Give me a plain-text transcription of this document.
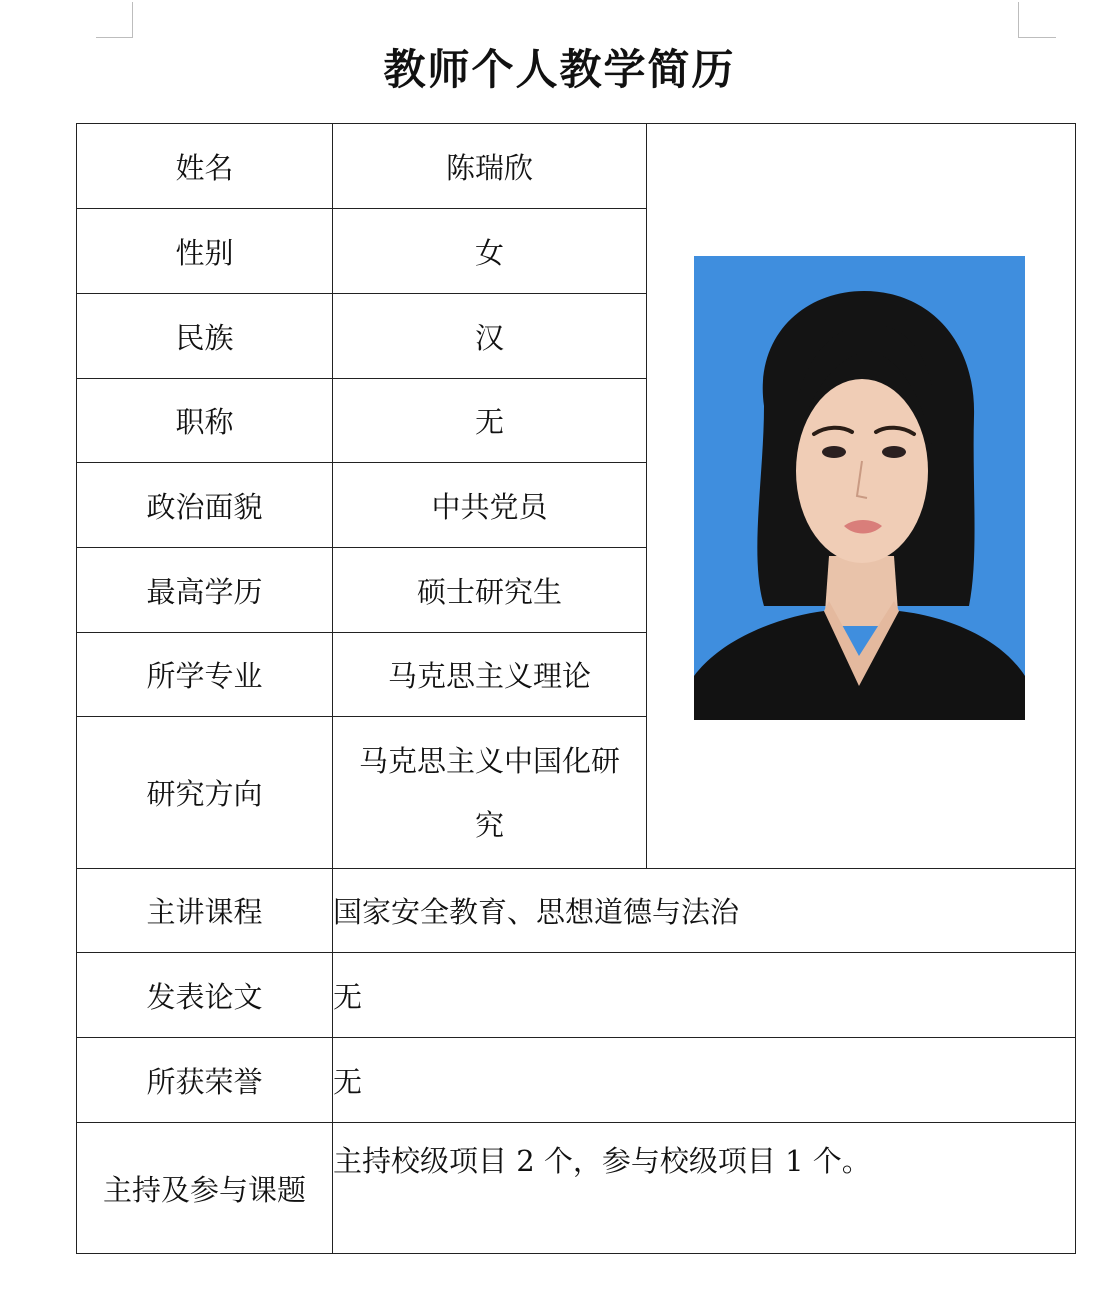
教师个人教学简历
姓名	陈瑞欣	

性别	女	
民族	汉	
职称	无	
政治面貌	中共党员	
最高学历	硕士研究生	
所学专业	马克思主义理论	
研究方向	马克思主义中国化研
究	

主讲课程	国家安全教育、思想道德与法治	
发表论文	无	
所获荣誉	无	
主持及参与课题	主持校级项目 2 个，参与校级项目 1 个。	
